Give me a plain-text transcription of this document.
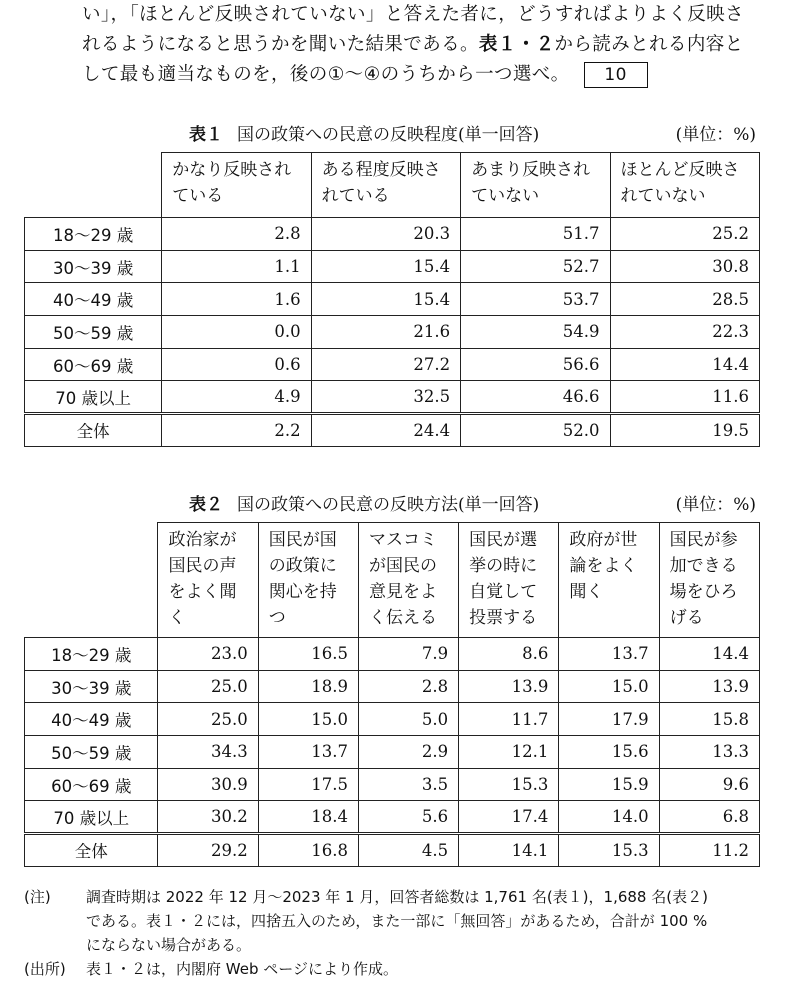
い」，「ほとんど反映されていない」と答えた者に，どうすればよりよく反映さ
れるようになると思うかを聞いた結果である。表１・２から読みとれる内容と
して最も適当なものを，後の①～④のうちから一つ選べ。 10
表１ 国の政策への民意の反映程度(単一回答)	(単位：%)
	かなり反映されている	ある程度反映されている	あまり反映されていない	ほとんど反映されていない
18～29 歳	2.8	20.3	51.7	25.2
30～39 歳	1.1	15.4	52.7	30.8
40～49 歳	1.6	15.4	53.7	28.5
50～59 歳	0.0	21.6	54.9	22.3
60～69 歳	0.6	27.2	56.6	14.4
70 歳以上	4.9	32.5	46.6	11.6
全体	2.2	24.4	52.0	19.5
表２ 国の政策への民意の反映方法(単一回答)	(単位：%)
	政治家が国民の声をよく聞く	国民が国の政策に関心を持つ	マスコミが国民の意見をよく伝える	国民が選挙の時に自覚して投票する	政府が世論をよく聞く	国民が参加できる場をひろげる
18～29 歳	23.0	16.5	7.9	8.6	13.7	14.4
30～39 歳	25.0	18.9	2.8	13.9	15.0	13.9
40～49 歳	25.0	15.0	5.0	11.7	17.9	15.8
50～59 歳	34.3	13.7	2.9	12.1	15.6	13.3
60～69 歳	30.9	17.5	3.5	15.3	15.9	9.6
70 歳以上	30.2	18.4	5.6	17.4	14.0	6.8
全体	29.2	16.8	4.5	14.1	15.3	11.2
(注) 調査時期は 2022 年 12 月～2023 年 1 月，回答者総数は 1,761 名(表１)，1,688 名(表２)
である。表１・２には，四捨五入のため，また一部に「無回答」があるため，合計が 100 %
にならない場合がある。
(出所) 表１・２は，内閣府 Web ページにより作成。
